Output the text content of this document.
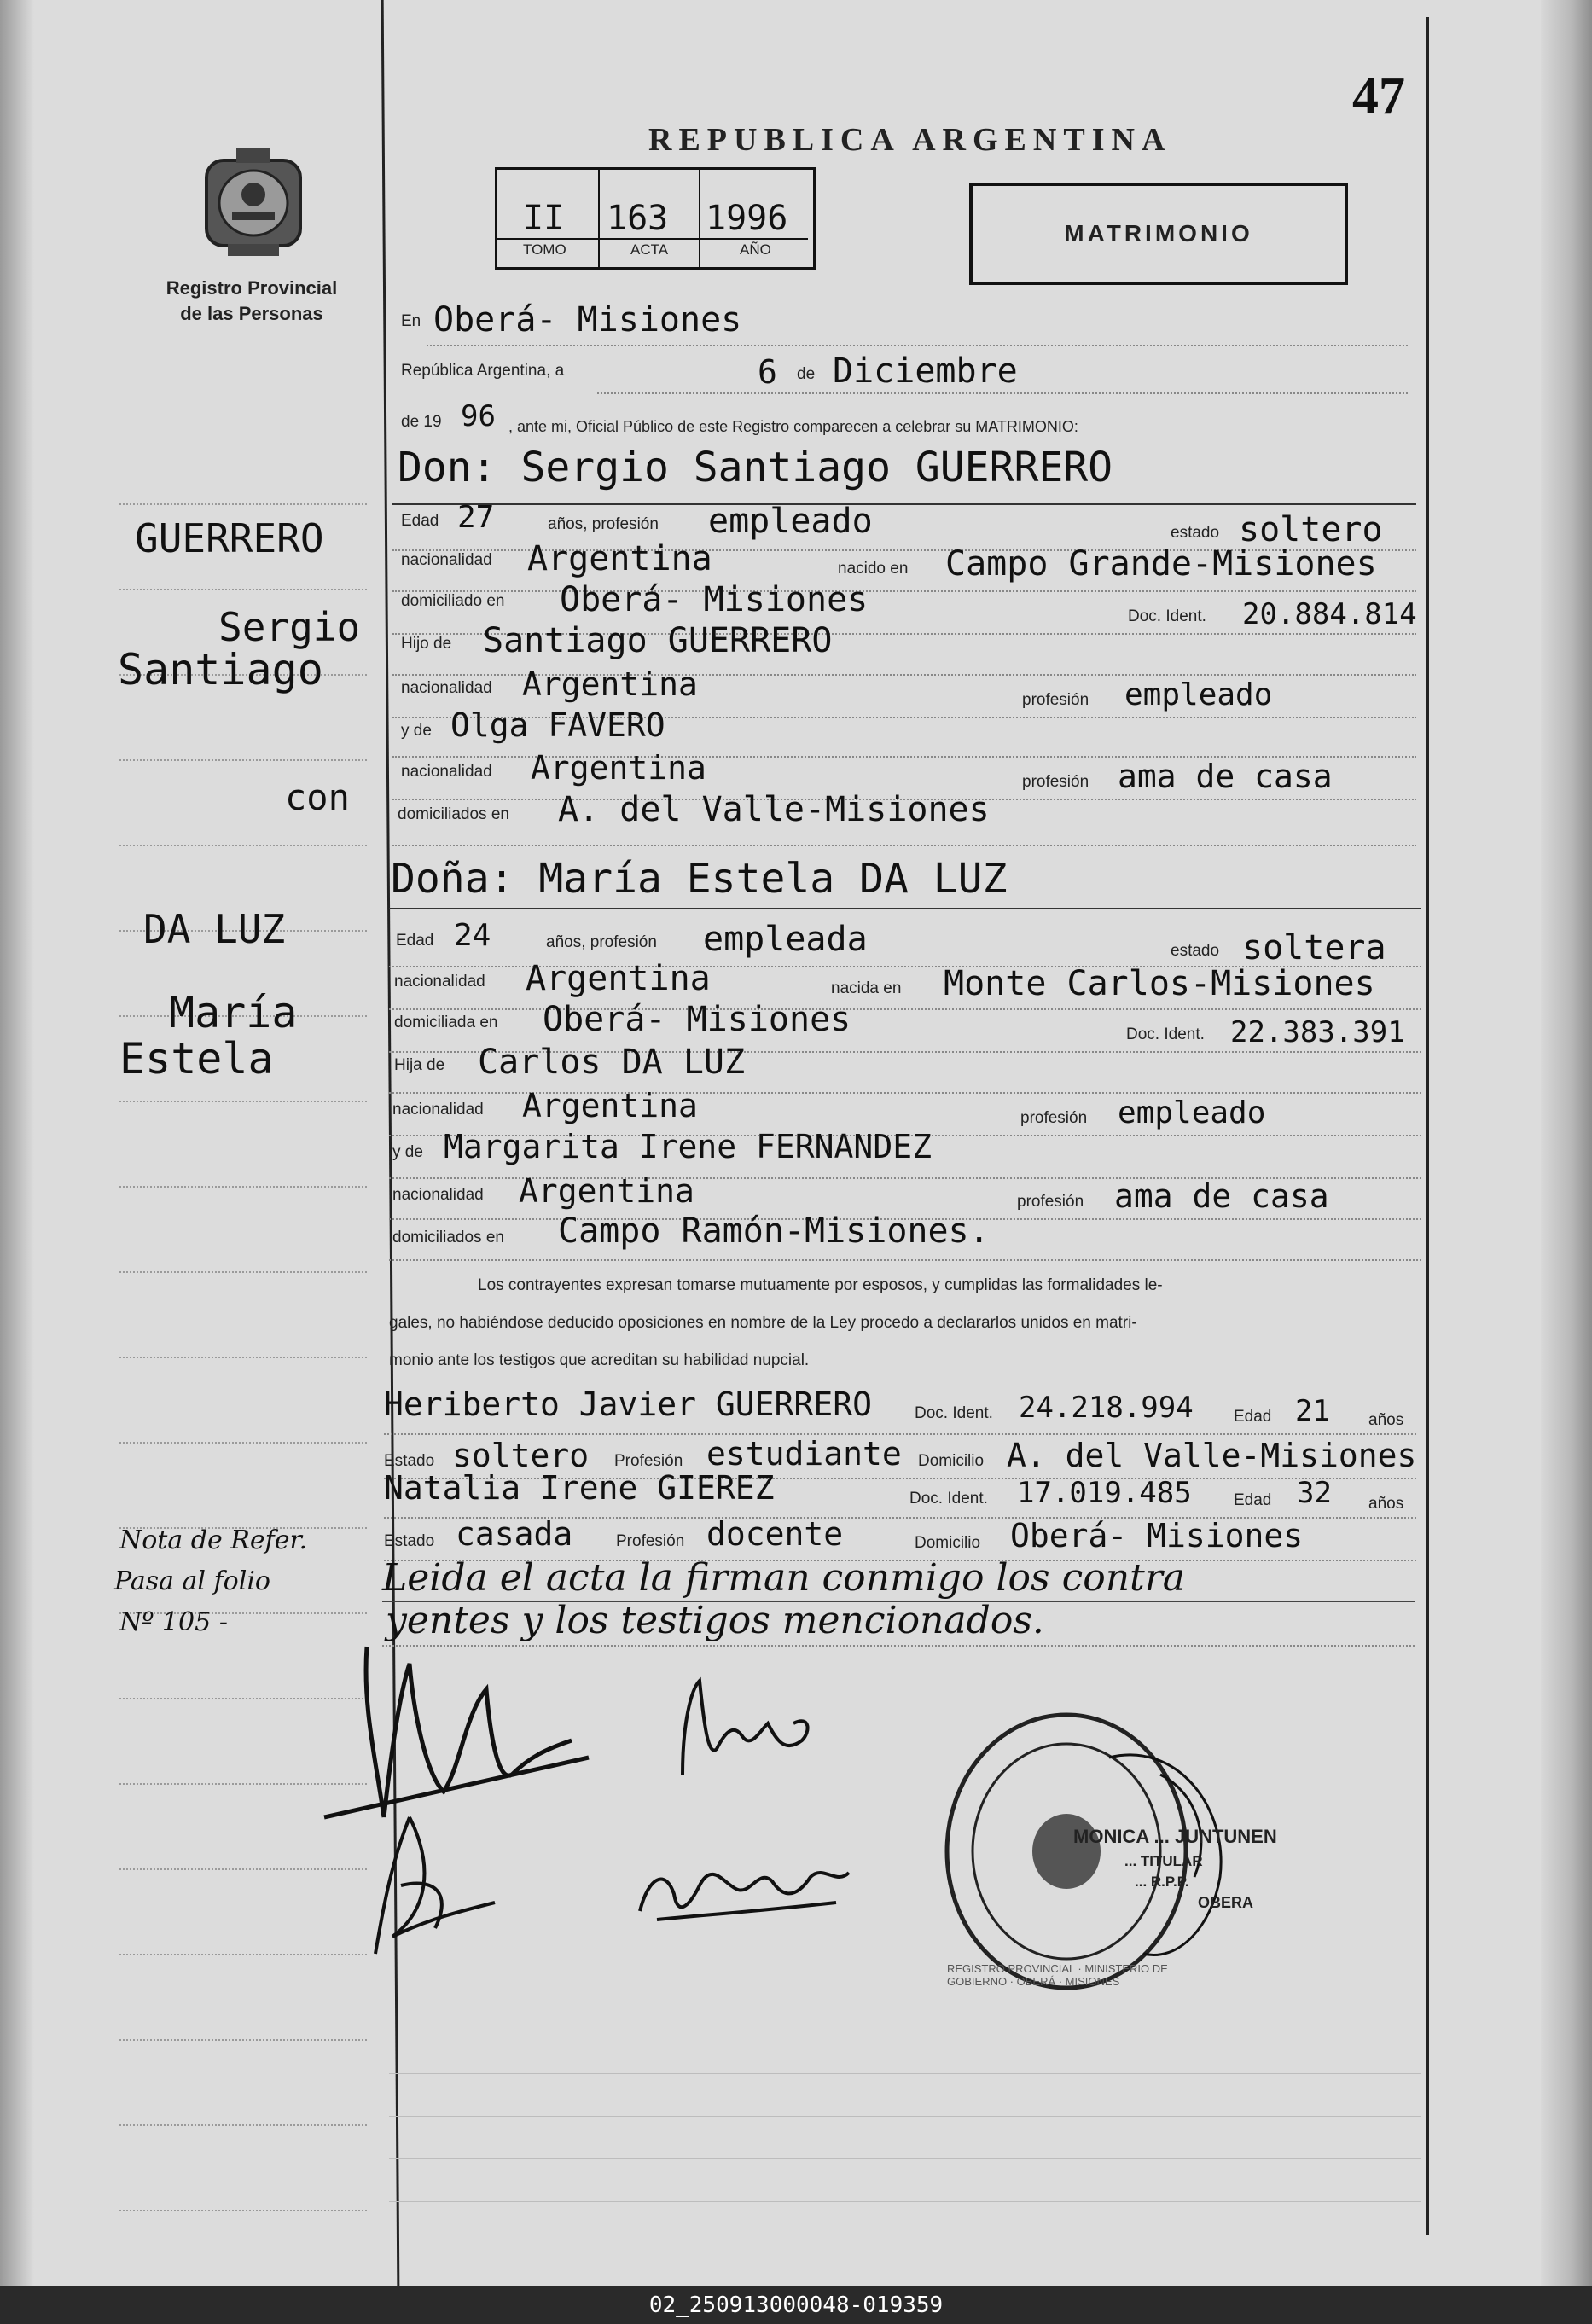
47
Registro Provincial
de las Personas
REPUBLICA ARGENTINA
II
TOMO
163
ACTA
1996
AÑO
MATRIMONIO
En Oberá- Misiones
República Argentina, a	6 de Diciembre
de 19 96 , ante mi, Oficial Público de este Registro comparecen a celebrar su MATRIMONIO:
Don: Sergio Santiago GUERRERO
Edad 27	años, profesión empleado	estado soltero
nacionalidad Argentina	nacido en Campo Grande-Misiones
domiciliado en Oberá- Misiones	Doc. Ident. 20.884.814
Hijo de Santiago GUERRERO
nacionalidad Argentina	profesión empleado
y de Olga FAVERO
nacionalidad Argentina	profesión ama de casa
domiciliados en A. del Valle-Misiones
Doña: María Estela DA LUZ
Edad 24	años, profesión empleada	estado soltera
nacionalidad Argentina	nacida en Monte Carlos-Misiones
domiciliada en Oberá- Misiones	Doc. Ident. 22.383.391
Hija de Carlos DA LUZ
nacionalidad Argentina	profesión empleado
y de Margarita Irene FERNANDEZ
nacionalidad Argentina	profesión ama de casa
domiciliados en Campo Ramón-Misiones.
Los contrayentes expresan tomarse mutuamente por esposos, y cumplidas las formalidades le-
gales, no habiéndose deducido oposiciones en nombre de la Ley procedo a declararlos unidos en matri-
monio ante los testigos que acreditan su habilidad nupcial.
Heriberto Javier GUERRERO	Doc. Ident. 24.218.994 Edad 21 años
Estado soltero Profesión estudiante Domicilio A. del Valle-Misiones
Natalia Irene GIEREZ	Doc. Ident. 17.019.485	Edad 32 años
Estado casada	Profesión docente	Domicilio Oberá- Misiones
Leida el acta la firman conmigo los contra
yentes y los testigos mencionados.
GUERRERO
Sergio
Santiago
con
DA LUZ
María
Estela
Nota de Refer.
Pasa al folio
Nº 105 -
REGISTRO PROVINCIAL · MINISTERIO DE GOBIERNO · OBERÁ · MISIONES
MONICA ... JUNTUNEN
... TITULAR
... R.P.P.
OBERA
02_250913000048-019359
